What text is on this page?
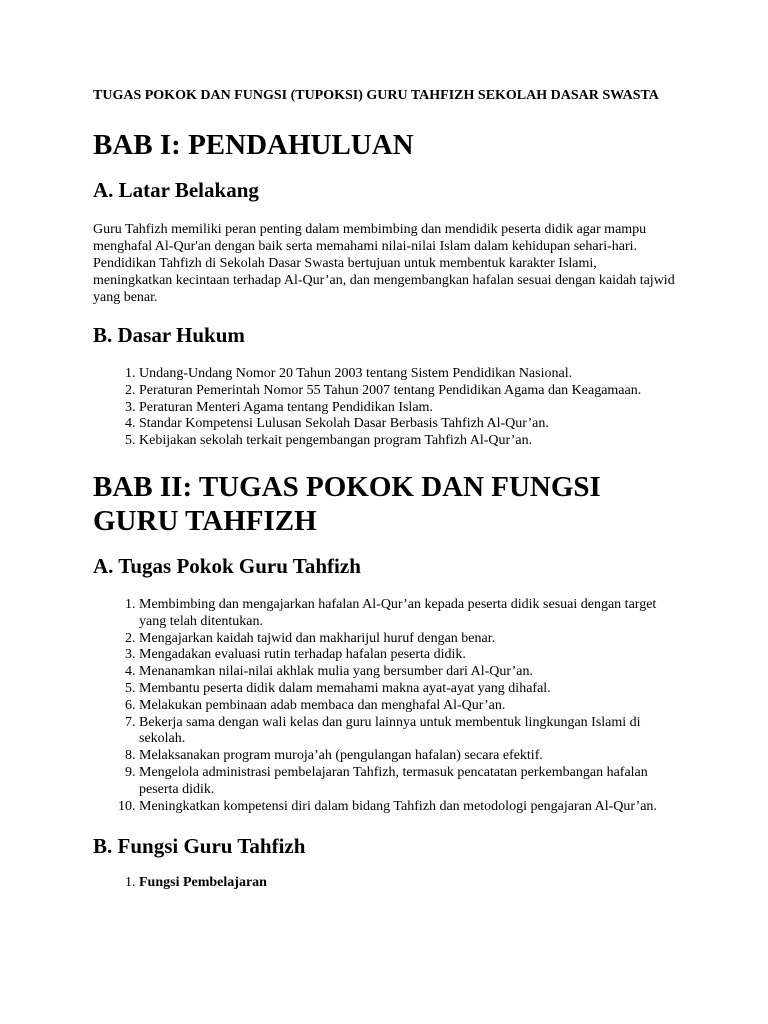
TUGAS POKOK DAN FUNGSI (TUPOKSI) GURU TAHFIZH SEKOLAH DASAR SWASTA

BAB I: PENDAHULUAN
A. Latar Belakang

Guru Tahfizh memiliki peran penting dalam membimbing dan mendidik peserta didik agar mampu menghafal Al-Qur'an dengan baik serta memahami nilai-nilai Islam dalam kehidupan sehari-hari. Pendidikan Tahfizh di Sekolah Dasar Swasta bertujuan untuk membentuk karakter Islami, meningkatkan kecintaan terhadap Al-Qur’an, dan mengembangkan hafalan sesuai dengan kaidah tajwid yang benar.

B. Dasar Hukum
1. Undang-Undang Nomor 20 Tahun 2003 tentang Sistem Pendidikan Nasional.
2. Peraturan Pemerintah Nomor 55 Tahun 2007 tentang Pendidikan Agama dan Keagamaan.
3. Peraturan Menteri Agama tentang Pendidikan Islam.
4. Standar Kompetensi Lulusan Sekolah Dasar Berbasis Tahfizh Al-Qur’an.
5. Kebijakan sekolah terkait pengembangan program Tahfizh Al-Qur’an.
BAB II: TUGAS POKOK DAN FUNGSI GURU TAHFIZH
A. Tugas Pokok Guru Tahfizh
1. Membimbing dan mengajarkan hafalan Al-Qur’an kepada peserta didik sesuai dengan target yang telah ditentukan.
2. Mengajarkan kaidah tajwid dan makharijul huruf dengan benar.
3. Mengadakan evaluasi rutin terhadap hafalan peserta didik.
4. Menanamkan nilai-nilai akhlak mulia yang bersumber dari Al-Qur’an.
5. Membantu peserta didik dalam memahami makna ayat-ayat yang dihafal.
6. Melakukan pembinaan adab membaca dan menghafal Al-Qur’an.
7. Bekerja sama dengan wali kelas dan guru lainnya untuk membentuk lingkungan Islami di sekolah.
8. Melaksanakan program muroja’ah (pengulangan hafalan) secara efektif.
9. Mengelola administrasi pembelajaran Tahfizh, termasuk pencatatan perkembangan hafalan peserta didik.
10. Meningkatkan kompetensi diri dalam bidang Tahfizh dan metodologi pengajaran Al-Qur’an.
B. Fungsi Guru Tahfizh
1. Fungsi Pembelajaran
